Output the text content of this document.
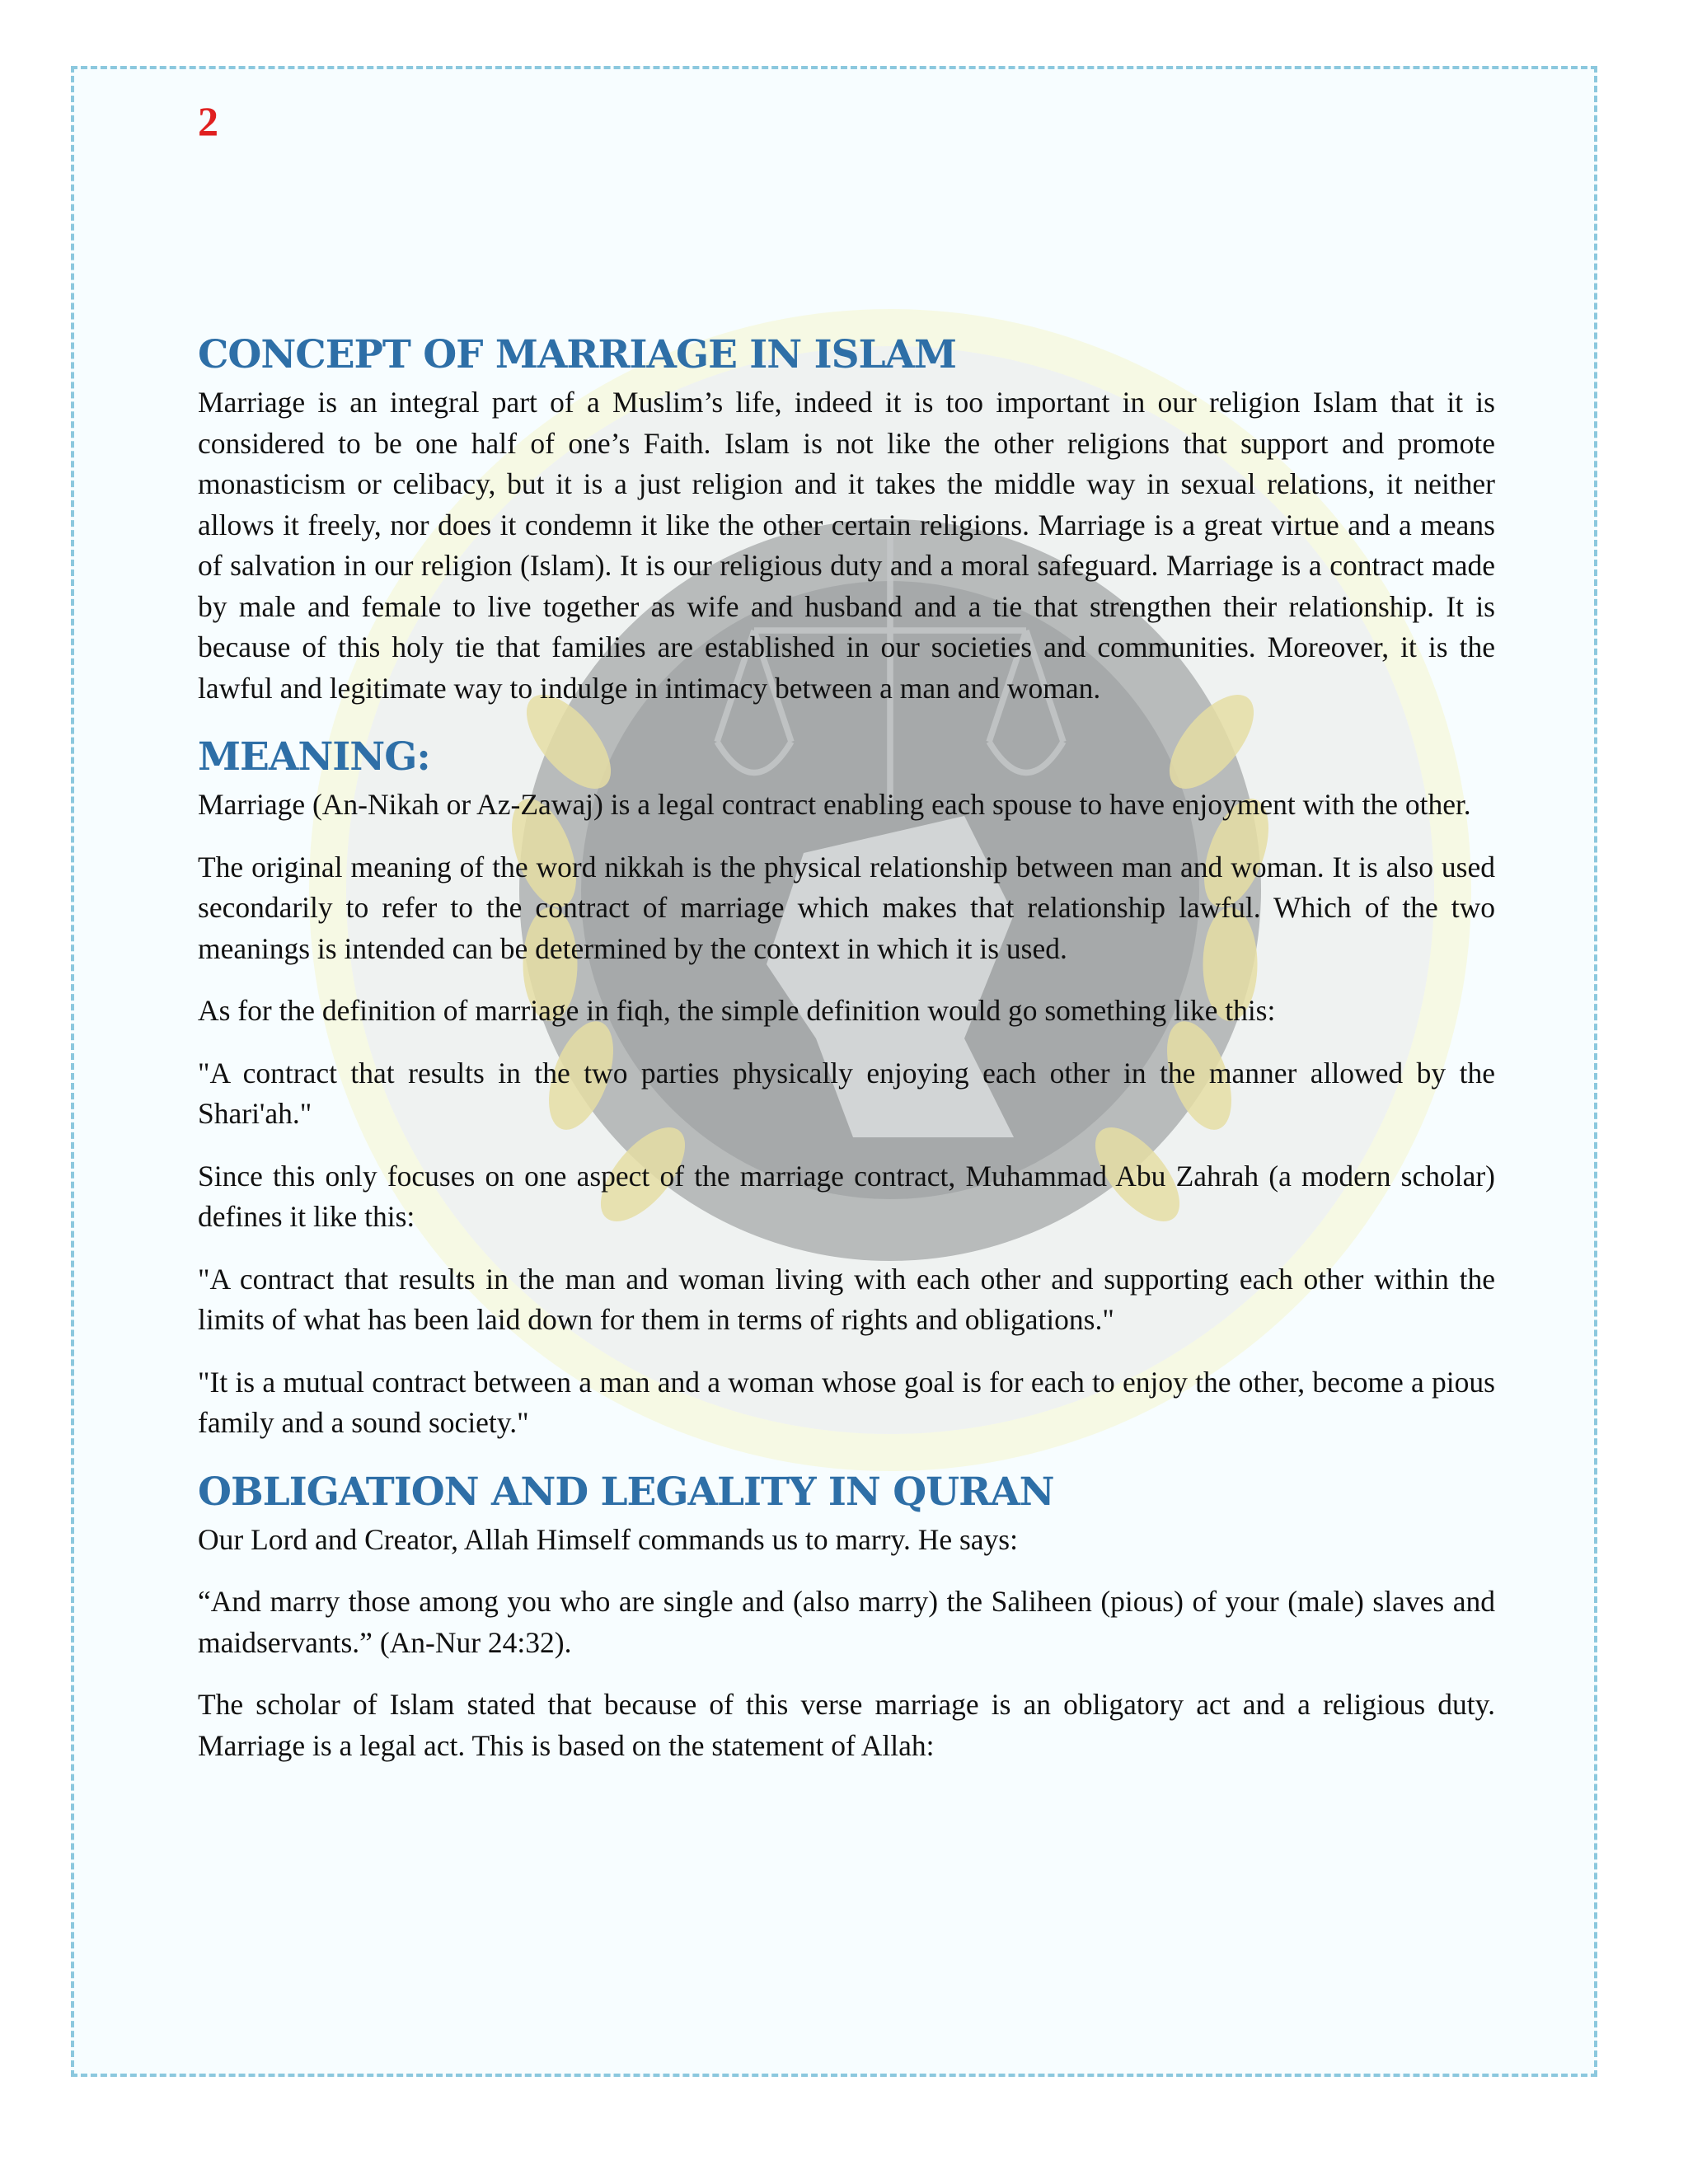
2
CONCEPT OF MARRIAGE IN ISLAM

Marriage is an integral part of a Muslim’s life, indeed it is too important in our religion Islam that it is considered to be one half of one’s Faith. Islam is not like the other religions that support and promote monasticism or celibacy, but it is a just religion and it takes the middle way in sexual relations, it neither allows it freely, nor does it condemn it like the other certain religions. Marriage is a great virtue and a means of salvation in our religion (Islam). It is our religious duty and a moral safeguard. Marriage is a contract made by male and female to live together as wife and husband and a tie that strengthen their relationship. It is because of this holy tie that families are established in our societies and communities. Moreover, it is the lawful and legitimate way to indulge in intimacy between a man and woman.

MEANING:

Marriage (An-Nikah or Az-Zawaj) is a legal contract enabling each spouse to have enjoyment with the other.

The original meaning of the word nikkah is the physical relationship between man and woman. It is also used secondarily to refer to the contract of marriage which makes that relationship lawful. Which of the two meanings is intended can be determined by the context in which it is used.

As for the definition of marriage in fiqh, the simple definition would go something like this:

"A contract that results in the two parties physically enjoying each other in the manner allowed by the Shari'ah."

Since this only focuses on one aspect of the marriage contract, Muhammad Abu Zahrah (a modern scholar) defines it like this:

"A contract that results in the man and woman living with each other and supporting each other within the limits of what has been laid down for them in terms of rights and obligations."

"It is a mutual contract between a man and a woman whose goal is for each to enjoy the other, become a pious family and a sound society."

OBLIGATION AND LEGALITY IN QURAN

Our Lord and Creator, Allah Himself commands us to marry. He says:

“And marry those among you who are single and (also marry) the Saliheen (pious) of your (male) slaves and maidservants.” (An-Nur 24:32).

The scholar of Islam stated that because of this verse marriage is an obligatory act and a religious duty. Marriage is a legal act. This is based on the statement of Allah:
